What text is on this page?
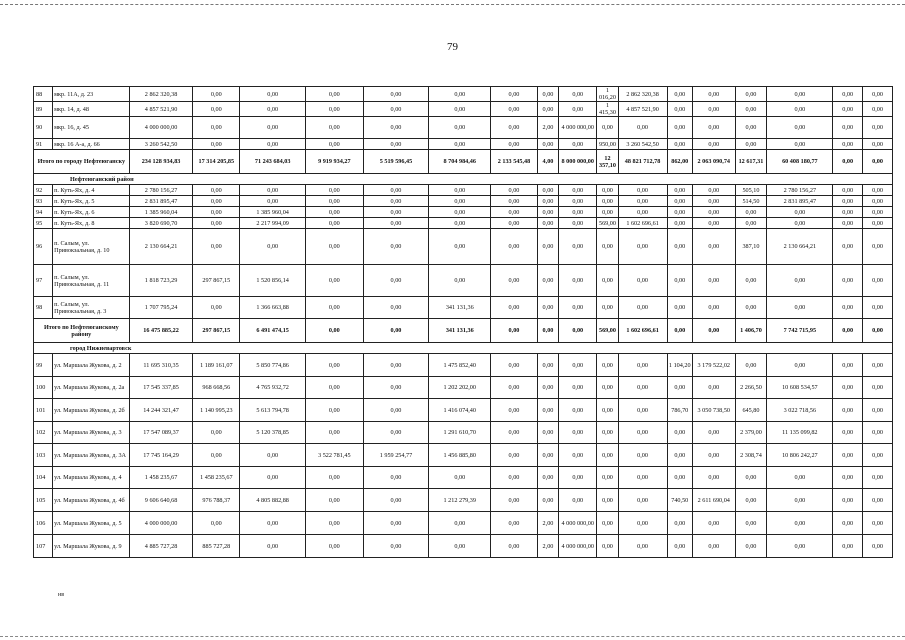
79
88	мкр. 11А, д. 23	2 862 320,38	0,00	0,00	0,00	0,00	0,00	0,00	0,00	0,00	1 016,20	2 862 320,38	0,00	0,00	0,00	0,00	0,00	0,00
89	мкр. 14, д. 48	4 857 521,90	0,00	0,00	0,00	0,00	0,00	0,00	0,00	0,00	1 415,30	4 857 521,90	0,00	0,00	0,00	0,00	0,00	0,00
90	мкр. 16, д. 45	4 000 000,00	0,00	0,00	0,00	0,00	0,00	0,00	2,00	4 000 000,00	0,00	0,00	0,00	0,00	0,00	0,00	0,00	0,00
91	мкр. 16 А-а, д. 66	3 260 542,50	0,00	0,00	0,00	0,00	0,00	0,00	0,00	0,00	950,00	3 260 542,50	0,00	0,00	0,00	0,00	0,00	0,00
Итого по городу Нефтеюганску		234 128 934,83	17 314 205,85	71 243 684,03	9 919 934,27	5 519 596,45	8 704 984,46	2 133 545,48	4,00	8 000 000,00	12 357,10	48 821 712,78	862,00	2 063 090,74	12 617,31	60 408 180,77	0,00	0,00
Нефтеюганский район																		
92	п. Куть-Ях, д. 4	2 780 156,27	0,00	0,00	0,00	0,00	0,00	0,00	0,00	0,00	0,00	0,00	0,00	0,00	505,10	2 780 156,27	0,00	0,00
93	п. Куть-Ях, д. 5	2 831 895,47	0,00	0,00	0,00	0,00	0,00	0,00	0,00	0,00	0,00	0,00	0,00	0,00	514,50	2 831 895,47	0,00	0,00
94	п. Куть-Ях, д. 6	1 385 960,04	0,00	1 385 960,04	0,00	0,00	0,00	0,00	0,00	0,00	0,00	0,00	0,00	0,00	0,00	0,00	0,00	0,00
95	п. Куть-Ях, д. 8	3 820 690,70	0,00	2 217 994,09	0,00	0,00	0,00	0,00	0,00	0,00	569,00	1 602 696,61	0,00	0,00	0,00	0,00	0,00	0,00
96	п. Салым, ул. Привокзальная, д. 10	2 130 664,21	0,00	0,00	0,00	0,00	0,00	0,00	0,00	0,00	0,00	0,00	0,00	0,00	387,10	2 130 664,21	0,00	0,00
97	п. Салым, ул. Привокзальная, д. 11	1 818 723,29	297 867,15	1 520 856,14	0,00	0,00	0,00	0,00	0,00	0,00	0,00	0,00	0,00	0,00	0,00	0,00	0,00	0,00
98	п. Салым, ул. Привокзальная, д. 3	1 707 795,24	0,00	1 366 663,88	0,00	0,00	341 131,36	0,00	0,00	0,00	0,00	0,00	0,00	0,00	0,00	0,00	0,00	0,00
Итого по Нефтеюганскому району		16 475 885,22	297 867,15	6 491 474,15	0,00	0,00	341 131,36	0,00	0,00	0,00	569,00	1 602 696,61	0,00	0,00	1 406,70	7 742 715,95	0,00	0,00
город Нижневартовск																		
99	ул. Маршала Жукова, д. 2	11 695 310,35	1 189 161,07	5 850 774,86	0,00	0,00	1 475 852,40	0,00	0,00	0,00	0,00	0,00	1 104,20	3 179 522,02	0,00	0,00	0,00	0,00
100	ул. Маршала Жукова, д. 2а	17 545 337,85	968 668,56	4 765 932,72	0,00	0,00	1 202 202,00	0,00	0,00	0,00	0,00	0,00	0,00	0,00	2 266,50	10 608 534,57	0,00	0,00
101	ул. Маршала Жукова, д. 2б	14 244 321,47	1 140 995,23	5 613 794,78	0,00	0,00	1 416 074,40	0,00	0,00	0,00	0,00	0,00	786,70	3 050 738,50	645,80	3 022 718,56	0,00	0,00
102	ул. Маршала Жукова, д. 3	17 547 089,37	0,00	5 120 378,85	0,00	0,00	1 291 610,70	0,00	0,00	0,00	0,00	0,00	0,00	0,00	2 379,00	11 135 099,82	0,00	0,00
103	ул. Маршала Жукова, д. 3А	17 745 164,29	0,00	0,00	3 522 781,45	1 959 254,77	1 456 885,80	0,00	0,00	0,00	0,00	0,00	0,00	0,00	2 308,74	10 806 242,27	0,00	0,00
104	ул. Маршала Жукова, д. 4	1 458 235,67	1 458 235,67	0,00	0,00	0,00	0,00	0,00	0,00	0,00	0,00	0,00	0,00	0,00	0,00	0,00	0,00	0,00
105	ул. Маршала Жукова, д. 4б	9 606 640,68	976 788,37	4 805 882,88	0,00	0,00	1 212 279,39	0,00	0,00	0,00	0,00	0,00	740,50	2 611 690,04	0,00	0,00	0,00	0,00
106	ул. Маршала Жукова, д. 5	4 000 000,00	0,00	0,00	0,00	0,00	0,00	0,00	2,00	4 000 000,00	0,00	0,00	0,00	0,00	0,00	0,00	0,00	0,00
107	ул. Маршала Жукова, д. 9	4 885 727,28	885 727,28	0,00	0,00	0,00	0,00	0,00	2,00	4 000 000,00	0,00	0,00	0,00	0,00	0,00	0,00	0,00	0,00
нв
